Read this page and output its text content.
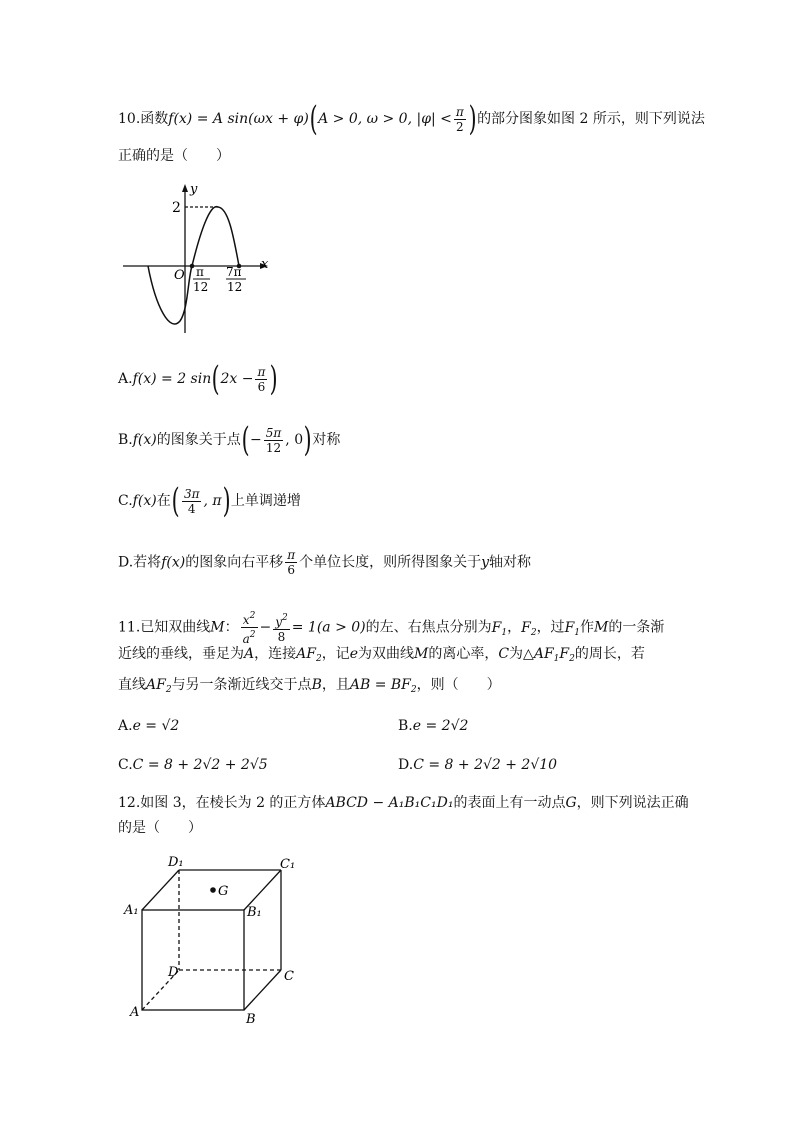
10.函数f(x) = A sin(ωx + φ)(A > 0, ω > 0, $|\varphi| < \frac{\pi}{2}$ )的部分图象如图 2 所示，则下列说法
正确的是（　　）
y
x
O
2
π
12
7π
12
A.f(x) = 2 $\sin(2x - \frac{\pi}{6}$ )
B.f(x)的图象关于点(− $\frac{5\pi}{12}$ , 0)对称
C.f(x)在( $\frac{3\pi}{4}$ , π)上单调递增
D.若将f(x)的图象向右平移 $\frac{\pi}{6}$ 个单位长度，则所得图象关于y轴对称
11.已知双曲线M： $\frac{x^2}{a^2} - \frac{y^2}{8} = 1(a > 0)$的左、右焦点分别为$F_1$，$F_2$，过$F_1$作M的一条渐
近线的垂线，垂足为A，连接$AF_2$，记e为双曲线M的离心率，C为$\triangle AF_1F_2$的周长，若
直线$AF_2$与另一条渐近线交于点B，且AB = $BF_2$，则（　　）
A.e = √2	B.e = 2√2
C.C = 8 + 2√2 + 2√5	D.C = 8 + 2√2 + 2√10
12.如图 3，在棱长为 2 的正方体ABCD − A₁B₁C₁D₁的表面上有一动点G，则下列说法正确
的是（　　）
G
D₁	C₁
A₁	B₁
D	C
A	B
